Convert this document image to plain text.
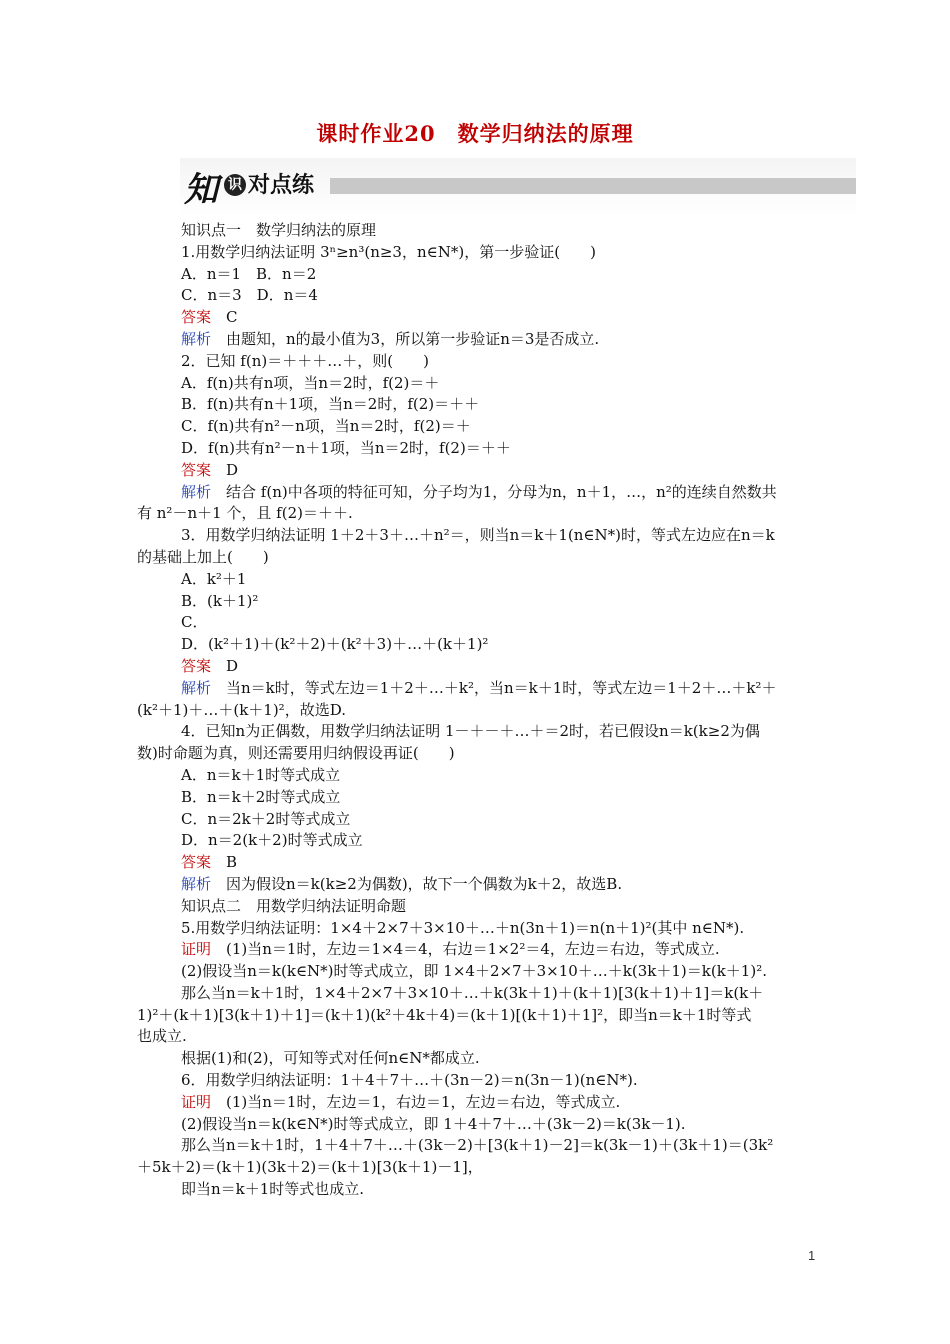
课时作业20　数学归纳法的原理
知 识 对点练
知识点一　数学归纳法的原理
1.用数学归纳法证明 3ⁿ≥n³(n≥3，n∈N*)，第一步验证(　　)
A．n＝1　B．n＝2
C．n＝3　D．n＝4
答案　C
解析　由题知，n的最小值为3，所以第一步验证n＝3是否成立.
2．已知 f(n)＝＋＋＋…＋，则(　　)
A．f(n)共有n项，当n＝2时，f(2)＝＋
B．f(n)共有n＋1项，当n＝2时，f(2)＝＋＋
C．f(n)共有n²－n项，当n＝2时，f(2)＝＋
D．f(n)共有n²－n＋1项，当n＝2时，f(2)＝＋＋
答案　D
解析　结合 f(n)中各项的特征可知，分子均为1，分母为n，n＋1，…，n²的连续自然数共
有 n²－n＋1 个，且 f(2)＝＋＋.
3．用数学归纳法证明 1＋2＋3＋…＋n²＝，则当n＝k＋1(n∈N*)时，等式左边应在n＝k
的基础上加上(　　)
A．k²＋1
B．(k＋1)²
C．
D．(k²＋1)＋(k²＋2)＋(k²＋3)＋…＋(k＋1)²
答案　D
解析　当n＝k时，等式左边＝1＋2＋…＋k²，当n＝k＋1时，等式左边＝1＋2＋…＋k²＋
(k²＋1)＋…＋(k＋1)²，故选D.
4．已知n为正偶数，用数学归纳法证明 1－＋－＋…＋＝2时，若已假设n＝k(k≥2为偶
数)时命题为真，则还需要用归纳假设再证(　　)
A．n＝k＋1时等式成立
B．n＝k＋2时等式成立
C．n＝2k＋2时等式成立
D．n＝2(k＋2)时等式成立
答案　B
解析　因为假设n＝k(k≥2为偶数)，故下一个偶数为k＋2，故选B.
知识点二　用数学归纳法证明命题
5.用数学归纳法证明：1×4＋2×7＋3×10＋…＋n(3n＋1)＝n(n＋1)²(其中 n∈N*).
证明　(1)当n＝1时，左边＝1×4＝4，右边＝1×2²＝4，左边＝右边，等式成立.
(2)假设当n＝k(k∈N*)时等式成立，即 1×4＋2×7＋3×10＋…＋k(3k＋1)＝k(k＋1)².
那么当n＝k＋1时，1×4＋2×7＋3×10＋…＋k(3k＋1)＋(k＋1)[3(k＋1)＋1]＝k(k＋
1)²＋(k＋1)[3(k＋1)＋1]＝(k＋1)(k²＋4k＋4)＝(k＋1)[(k＋1)＋1]²，即当n＝k＋1时等式
也成立.
根据(1)和(2)，可知等式对任何n∈N*都成立.
6．用数学归纳法证明：1＋4＋7＋…＋(3n－2)＝n(3n－1)(n∈N*).
证明　(1)当n＝1时，左边＝1，右边＝1，左边＝右边，等式成立.
(2)假设当n＝k(k∈N*)时等式成立，即 1＋4＋7＋…＋(3k－2)＝k(3k－1).
那么当n＝k＋1时，1＋4＋7＋…＋(3k－2)＋[3(k＋1)－2]＝k(3k－1)＋(3k＋1)＝(3k²
＋5k＋2)＝(k＋1)(3k＋2)＝(k＋1)[3(k＋1)－1]，
即当n＝k＋1时等式也成立.
1
